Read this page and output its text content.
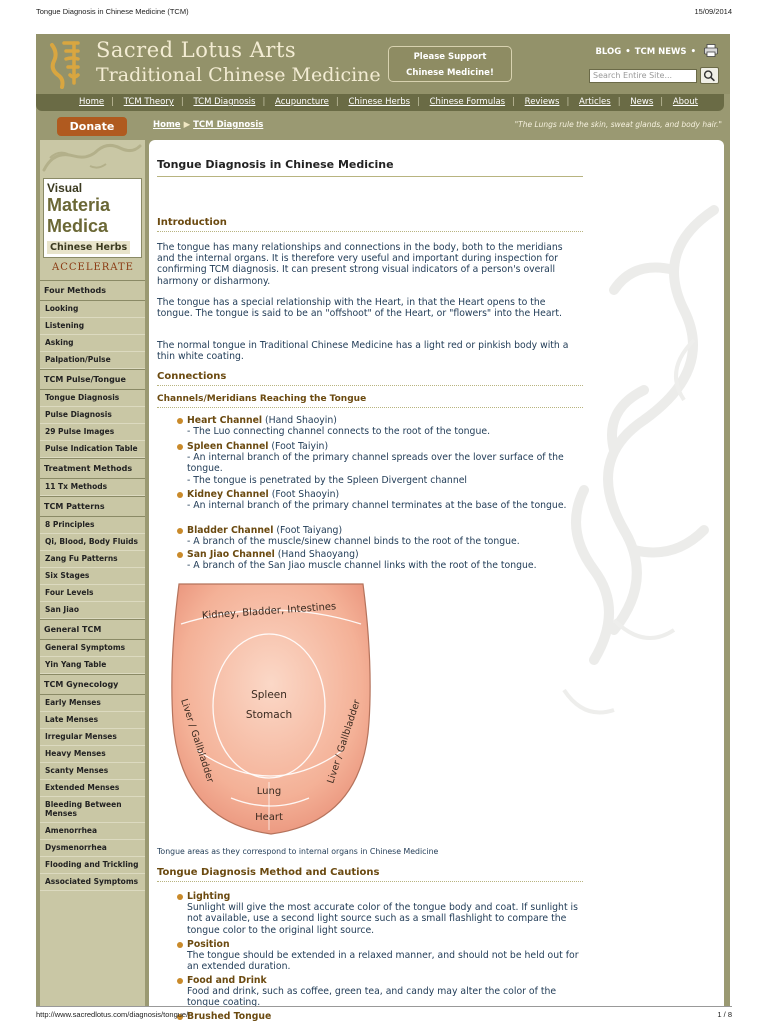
Tongue Diagnosis in Chinese Medicine (TCM)	15/09/2014
Sacred Lotus Arts
Traditional Chinese Medicine
Please Support
Chinese Medicine!
BLOG • TCM NEWS •
Search Entire Site...
Home | TCM Theory | TCM Diagnosis | Acupuncture | Chinese Herbs | Chinese Formulas | Reviews | Articles | News | About
Donate	Home ▶ TCM Diagnosis	"The Lungs rule the skin, sweat glands, and body hair."
Visual
Materia
Medica
Chinese Herbs
ACCELERATE
Four Methods
Looking
Listening
Asking
Palpation/Pulse
TCM Pulse/Tongue
Tongue Diagnosis
Pulse Diagnosis
29 Pulse Images
Pulse Indication Table
Treatment Methods
11 Tx Methods
TCM Patterns
8 Principles
Qi, Blood, Body Fluids
Zang Fu Patterns
Six Stages
Four Levels
San Jiao
General TCM
General Symptoms
Yin Yang Table
TCM Gynecology
Early Menses
Late Menses
Irregular Menses
Heavy Menses
Scanty Menses
Extended Menses
Bleeding Between Menses
Amenorrhea
Dysmenorrhea
Flooding and Trickling
Associated Symptoms
Tongue Diagnosis in Chinese Medicine
Introduction
The tongue has many relationships and connections in the body, both to the meridians and the internal organs. It is therefore very useful and important during inspection for confirming TCM diagnosis. It can present strong visual indicators of a person's overall harmony or disharmony.
The tongue has a special relationship with the Heart, in that the Heart opens to the tongue. The tongue is said to be an "offshoot" of the Heart, or "flowers" into the Heart.
The normal tongue in Traditional Chinese Medicine has a light red or pinkish body with a thin white coating.
Connections
Channels/Meridians Reaching the Tongue
Heart Channel (Hand Shaoyin)
- The Luo connecting channel connects to the root of the tongue.
Spleen Channel (Foot Taiyin)
- An internal branch of the primary channel spreads over the lover surface of the tongue.
- The tongue is penetrated by the Spleen Divergent channel
Kidney Channel (Foot Shaoyin)
- An internal branch of the primary channel terminates at the base of the tongue.
Bladder Channel (Foot Taiyang)
- A branch of the muscle/sinew channel binds to the root of the tongue.
San Jiao Channel (Hand Shaoyang)
- A branch of the San Jiao muscle channel links with the root of the tongue.
Kidney, Bladder, Intestines
Spleen
Stomach
Liver / Gallbladder	Liver / Gallbladder
Lung
Heart
Tongue areas as they correspond to internal organs in Chinese Medicine
Tongue Diagnosis Method and Cautions
Lighting
Sunlight will give the most accurate color of the tongue body and coat. If sunlight is not available, use a second light source such as a small flashlight to compare the tongue color to the original light source.
Position
The tongue should be extended in a relaxed manner, and should not be held out for an extended duration.
Food and Drink
Food and drink, such as coffee, green tea, and candy may alter the color of the tongue coating.
Brushed Tongue
http://www.sacredlotus.com/diagnosis/tongue/	1 / 8
